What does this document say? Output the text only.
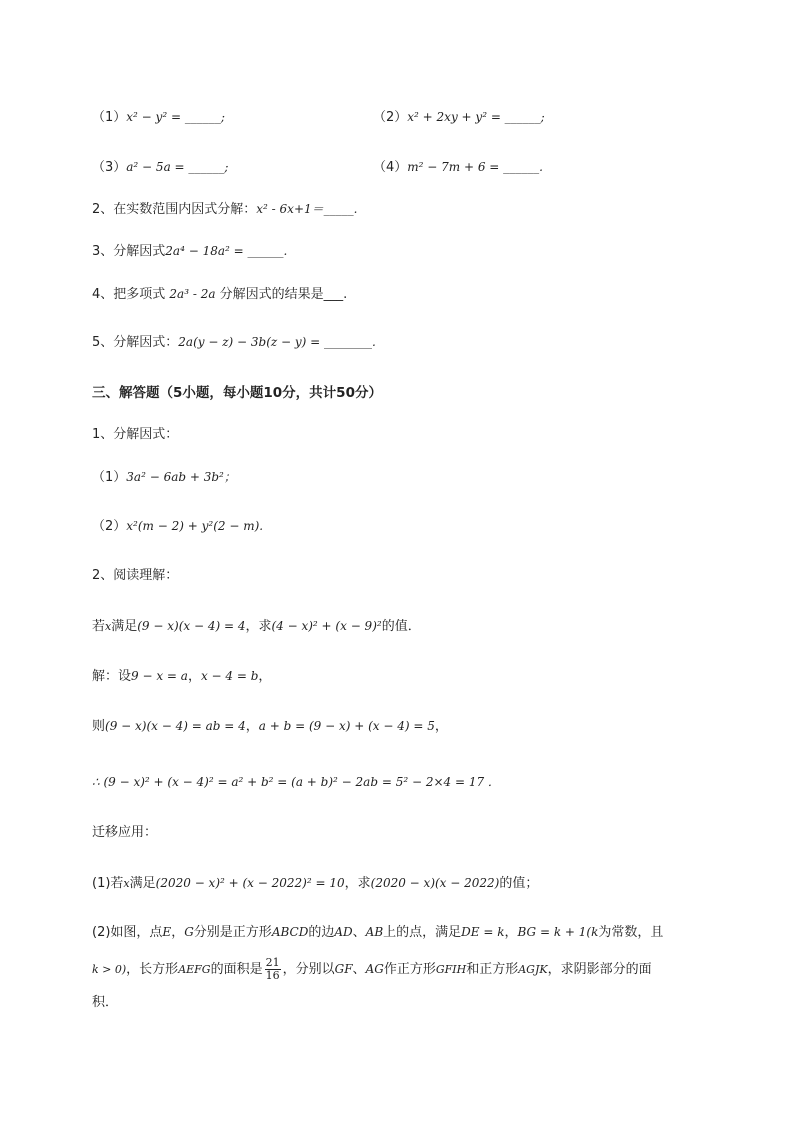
（1）x² − y² = ______;	（2）x² + 2xy + y² = ______;
（3）a² − 5a = ______;	（4）m² − 7m + 6 = ______.
2、在实数范围内因式分解：x² - 6x+1＝_____.
3、分解因式2a⁴ − 18a² = ______.
4、把多项式 2a³ - 2a 分解因式的结果是___.
5、分解因式：2a(y − z) − 3b(z − y) = ________.
三、解答题（5小题，每小题10分，共计50分）
1、分解因式：
（1）3a² − 6ab + 3b²；
（2）x²(m − 2) + y²(2 − m).
2、阅读理解：
若x满足(9 − x)(x − 4) = 4，求(4 − x)² + (x − 9)²的值．
解：设9 − x = a，x − 4 = b，
则(9 − x)(x − 4) = ab = 4，a + b = (9 − x) + (x − 4) = 5，
∴ (9 − x)² + (x − 4)² = a² + b² = (a + b)² − 2ab = 5² − 2×4 = 17 ．
迁移应用：
(1)若x满足(2020 − x)² + (x − 2022)² = 10，求(2020 − x)(x − 2022)的值；
(2)如图，点E，G分别是正方形ABCD的边AD、AB上的点，满足DE = k，BG = k + 1(k为常数，且
k > 0)，长方形AEFG的面积是 $\frac{21}{16}$ ，分别以GF、AG作正方形GFIH和正方形AGJK，求阴影部分的面
积．
